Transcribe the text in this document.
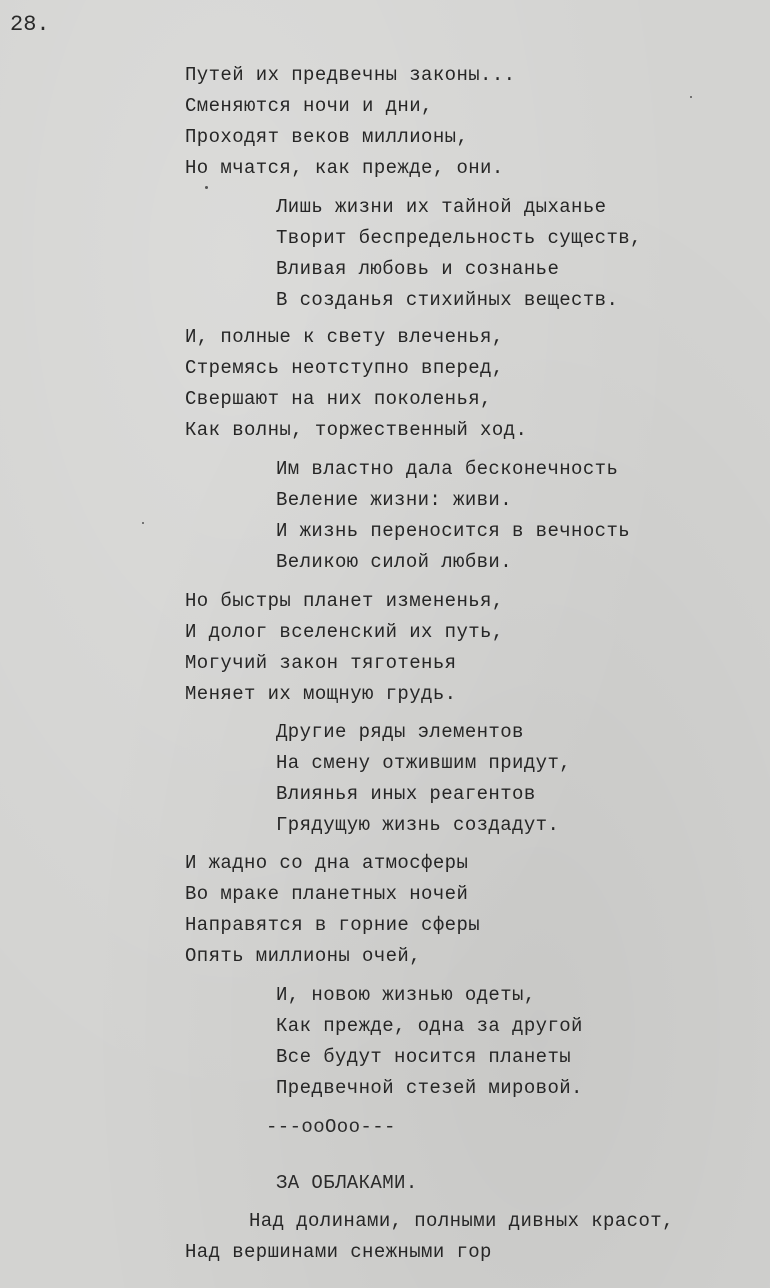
28.
Путей их предвечны законы...
Сменяются ночи и дни,
Проходят веков миллионы,
Но мчатся, как прежде, они.
Лишь жизни их тайной дыханье
Творит беспредельность существ,
Вливая любовь и сознанье
В созданья стихийных веществ.
И, полные к свету влеченья,
Стремясь неотступно вперед,
Свершают на них поколенья,
Как волны, торжественный ход.
Им властно дала бесконечность
Веление жизни: живи.
И жизнь переносится в вечность
Великою силой любви.
Но быстры планет измененья,
И долог вселенский их путь,
Могучий закон тяготенья
Меняет их мощную грудь.
Другие ряды элементов
На смену отжившим придут,
Влиянья иных реагентов
Грядущую жизнь создадут.
И жадно со дна атмосферы
Во мраке планетных ночей
Направятся в горние сферы
Опять миллионы очей,
И, новою жизнью одеты,
Как прежде, одна за другой
Все будут носится планеты
Предвечной стезей мировой.
---ooOoo---
ЗА ОБЛАКАМИ.
Над долинами, полными дивных красот,
Над вершинами снежными гор
